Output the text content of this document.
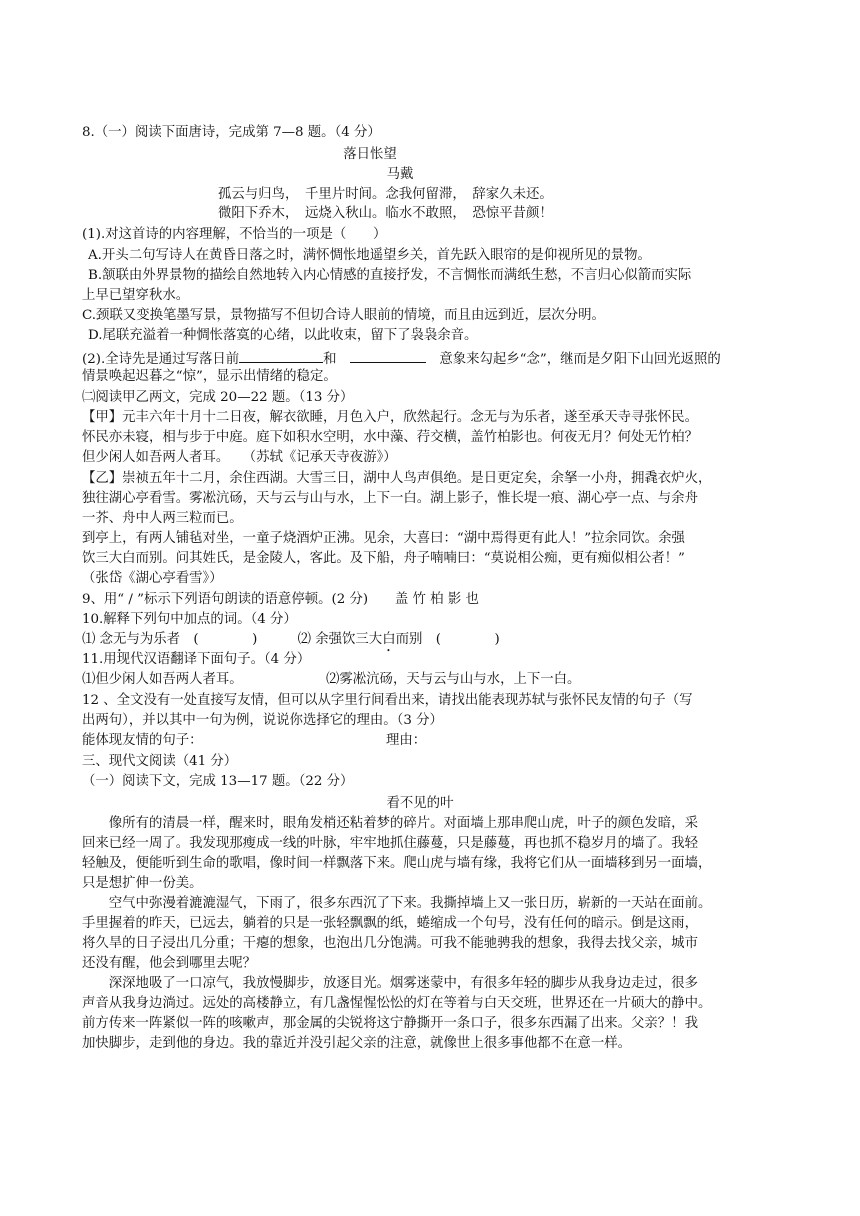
8.（一）阅读下面唐诗，完成第 7—8 题。（4 分）
落日怅望
马戴
孤云与归鸟，　千里片时间。念我何留滞，　辞家久未还。
微阳下乔木，　远烧入秋山。临水不敢照，　恐惊平昔颜！
(1).对这首诗的内容理解，不恰当的一项是（　　）
A.开头二句写诗人在黄昏日落之时，满怀惆怅地遥望乡关，首先跃入眼帘的是仰视所见的景物。
B.颔联由外界景物的描绘自然地转入内心情感的直接抒发，不言惆怅而满纸生愁，不言归心似箭而实际
上早已望穿秋水。
C.颈联又变换笔墨写景，景物描写不但切合诗人眼前的情境，而且由远到近，层次分明。
D.尾联充溢着一种惆怅落寞的心绪，以此收束，留下了袅袅余音。
(2).全诗先是通过写落日前	和　　	意象来勾起乡“念”，继而是夕阳下山回光返照的
情景唤起迟暮之“惊”，显示出情绪的稳定。
㈡阅读甲乙两文，完成 20—22 题。（13 分）
【甲】元丰六年十月十二日夜，解衣欲睡，月色入户，欣然起行。念无与为乐者，遂至承天寺寻张怀民。
怀民亦未寝，相与步于中庭。庭下如积水空明，水中藻、荇交横，盖竹柏影也。何夜无月？何处无竹柏？
但少闲人如吾两人者耳。　　（苏轼《记承天寺夜游》）
【乙】崇祯五年十二月，余住西湖。大雪三日，湖中人鸟声俱绝。是日更定矣，余拏一小舟，拥毳衣炉火，
独往湖心亭看雪。雾凇沆砀，天与云与山与水，上下一白。湖上影子，惟长堤一痕、湖心亭一点、与余舟
一芥、舟中人两三粒而已。
到亭上，有两人铺毡对坐，一童子烧酒炉正沸。见余，大喜曰：“湖中焉得更有此人！”拉余同饮。余强
饮三大白而别。问其姓氏，是金陵人，客此。及下船，舟子喃喃曰：“莫说相公痴，更有痴似相公者！”
（张岱《湖心亭看雪》）
9、用“ / ”标示下列语句朗读的语意停顿。(2 分)　　 盖 竹 柏 影 也
10.解释下列句中加点的词。（4 分）
⑴ 念无与为乐者　(　　　　)　　　	⑵ 余强饮三大白而别　(　　　　)
11.用现代汉语翻译下面句子。（4 分）
⑴但少闲人如吾两人者耳。	⑵雾凇沆砀，天与云与山与水，上下一白。
12 、全文没有一处直接写友情，但可以从字里行间看出来，请找出能表现苏轼与张怀民友情的句子（写
出两句），并以其中一句为例，说说你选择它的理由。（3 分）
能体现友情的句子：	理由：
三、现代文阅读（41 分）
（一）阅读下文，完成 13—17 题。（22 分）
看不见的叶
　　像所有的清晨一样，醒来时，眼角发梢还粘着梦的碎片。对面墙上那串爬山虎，叶子的颜色发暗，采
回来已经一周了。我发现那瘦成一线的叶脉，牢牢地抓住藤蔓，只是藤蔓，再也抓不稳岁月的墙了。我轻
轻触及，便能听到生命的歌唱，像时间一样飘落下来。爬山虎与墙有缘，我将它们从一面墙移到另一面墙，
只是想扩伸一份美。
　　空气中弥漫着漉漉湿气，下雨了，很多东西沉了下来。我撕掉墙上又一张日历，崭新的一天站在面前。
手里握着的昨天，已远去，躺着的只是一张轻飘飘的纸，蜷缩成一个句号，没有任何的暗示。倒是这雨，
将久旱的日子浸出几分重；干瘪的想象，也泡出几分饱满。可我不能驰骋我的想象，我得去找父亲，城市
还没有醒，他会到哪里去呢？
　　深深地吸了一口凉气，我放慢脚步，放逐目光。烟雾迷蒙中，有很多年轻的脚步从我身边走过，很多
声音从我身边淌过。远处的高楼静立，有几盏惺惺忪忪的灯在等着与白天交班，世界还在一片硕大的静中。
前方传来一阵紧似一阵的咳嗽声，那金属的尖锐将这宁静撕开一条口子，很多东西漏了出来。父亲？！我
加快脚步，走到他的身边。我的靠近并没引起父亲的注意，就像世上很多事他都不在意一样。
